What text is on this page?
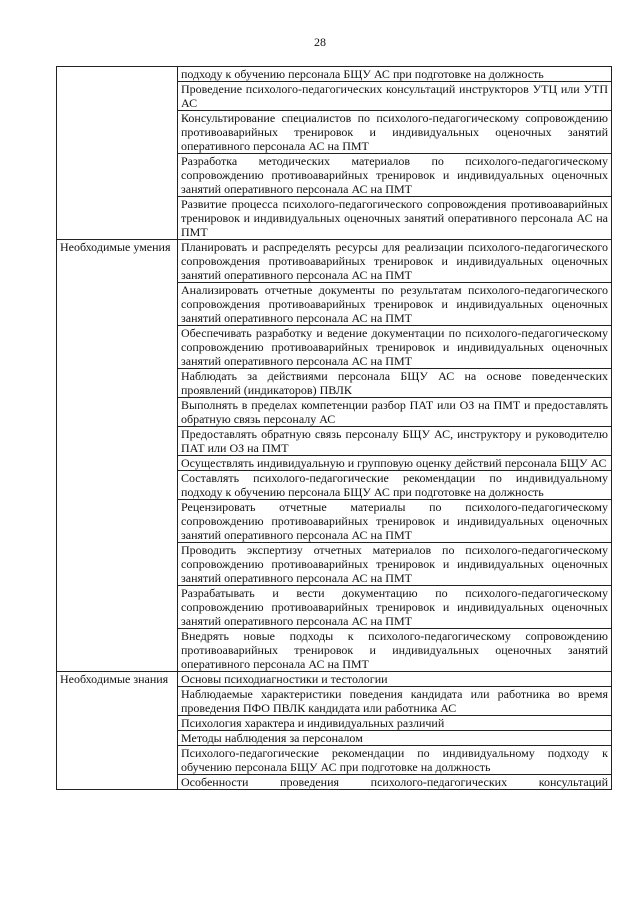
28
	подходу к обучению персонала БЩУ АС при подготовке на должность
	Проведение психолого-педагогических консультаций инструкторов УТЦ или УТП АС
	Консультирование специалистов по психолого-педагогическому сопровождению противоаварийных тренировок и индивидуальных оценочных занятий оперативного персонала АС на ПМТ
	Разработка методических материалов по психолого-педагогическому сопровождению противоаварийных тренировок и индивидуальных оценочных занятий оперативного персонала АС на ПМТ
	Развитие процесса психолого-педагогического сопровождения противоаварийных тренировок и индивидуальных оценочных занятий оперативного персонала АС на ПМТ
Необходимые умения	Планировать и распределять ресурсы для реализации психолого-педагогического сопровождения противоаварийных тренировок и индивидуальных оценочных занятий оперативного персонала АС на ПМТ
	Анализировать отчетные документы по результатам психолого-педагогического сопровождения противоаварийных тренировок и индивидуальных оценочных занятий оперативного персонала АС на ПМТ
	Обеспечивать разработку и ведение документации по психолого-педагогическому сопровождению противоаварийных тренировок и индивидуальных оценочных занятий оперативного персонала АС на ПМТ
	Наблюдать за действиями персонала БЩУ АС на основе поведенческих проявлений (индикаторов) ПВЛК
	Выполнять в пределах компетенции разбор ПАТ или ОЗ на ПМТ и предоставлять обратную связь персоналу АС
	Предоставлять обратную связь персоналу БЩУ АС, инструктору и руководителю ПАТ или ОЗ на ПМТ
	Осуществлять индивидуальную и групповую оценку действий персонала БЩУ АС
	Составлять психолого-педагогические рекомендации по индивидуальному подходу к обучению персонала БЩУ АС при подготовке на должность
	Рецензировать отчетные материалы по психолого-педагогическому сопровождению противоаварийных тренировок и индивидуальных оценочных занятий оперативного персонала АС на ПМТ
	Проводить экспертизу отчетных материалов по психолого-педагогическому сопровождению противоаварийных тренировок и индивидуальных оценочных занятий оперативного персонала АС на ПМТ
	Разрабатывать и вести документацию по психолого-педагогическому сопровождению противоаварийных тренировок и индивидуальных оценочных занятий оперативного персонала АС на ПМТ
	Внедрять новые подходы к психолого-педагогическому сопровождению противоаварийных тренировок и индивидуальных оценочных занятий оперативного персонала АС на ПМТ
Необходимые знания	Основы психодиагностики и тестологии
	Наблюдаемые характеристики поведения кандидата или работника во время проведения ПФО ПВЛК кандидата или работника АС
	Психология характера и индивидуальных различий
	Методы наблюдения за персоналом
	Психолого-педагогические рекомендации по индивидуальному подходу к обучению персонала БЩУ АС при подготовке на должность
	Особенности проведения психолого-педагогических консультаций
